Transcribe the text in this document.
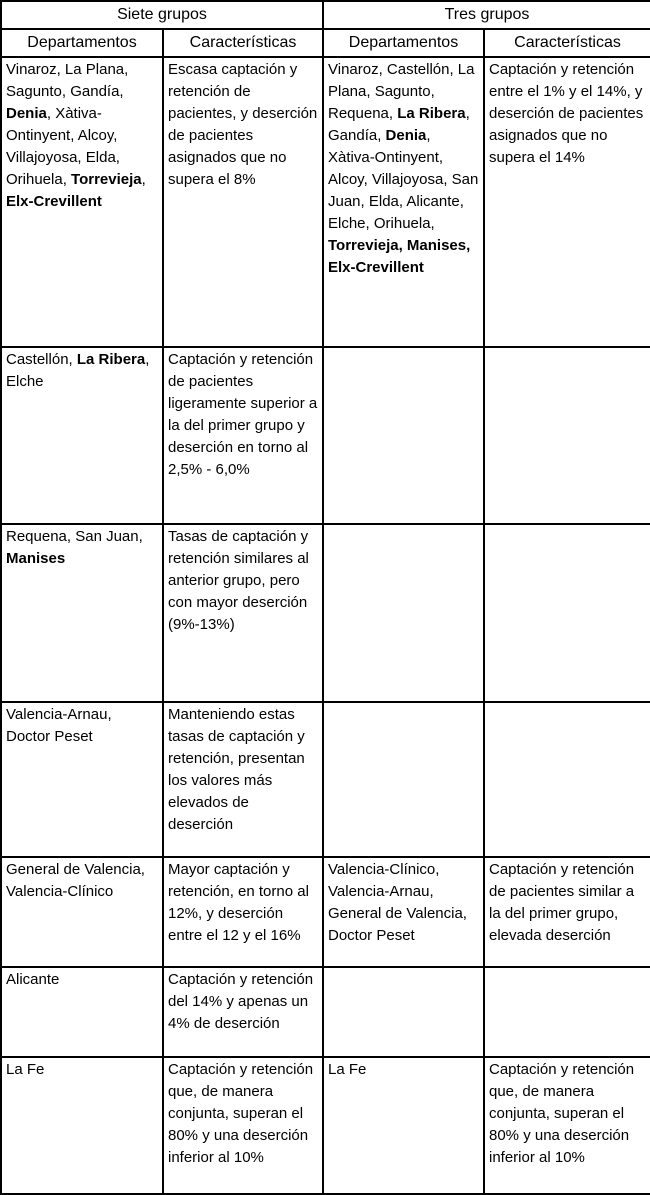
Siete grupos		Tres grupos	
Departamentos	Características	Departamentos	Características
Vinaroz, La Plana, Sagunto, Gandía, Denia, Xàtiva-Ontinyent, Alcoy, Villajoyosa, Elda, Orihuela, Torrevieja, Elx-Crevillent	Escasa captación y retención de pacientes, y deserción de pacientes asignados que no supera el 8%	Vinaroz, Castellón, La Plana, Sagunto, Requena, La Ribera, Gandía, Denia, Xàtiva-Ontinyent, Alcoy, Villajoyosa, San Juan, Elda, Alicante, Elche, Orihuela, Torrevieja, Manises, Elx-Crevillent	Captación y retención entre el 1% y el 14%, y deserción de pacientes asignados que no supera el 14%
Castellón, La Ribera, Elche	Captación y retención de pacientes ligeramente superior a la del primer grupo y deserción en torno al 2,5% - 6,0%		
Requena, San Juan, Manises	Tasas de captación y retención similares al anterior grupo, pero con mayor deserción (9%-13%)		
Valencia-Arnau, Doctor Peset	Manteniendo estas tasas de captación y retención, presentan los valores más elevados de deserción		
General de Valencia, Valencia-Clínico	Mayor captación y retención, en torno al 12%, y deserción entre el 12 y el 16%	Valencia-Clínico, Valencia-Arnau, General de Valencia, Doctor Peset	Captación y retención de pacientes similar a la del primer grupo, elevada deserción
Alicante	Captación y retención del 14% y apenas un 4% de deserción		
La Fe	Captación y retención que, de manera conjunta, superan el 80% y una deserción inferior al 10%	La Fe	Captación y retención que, de manera conjunta, superan el 80% y una deserción inferior al 10%
